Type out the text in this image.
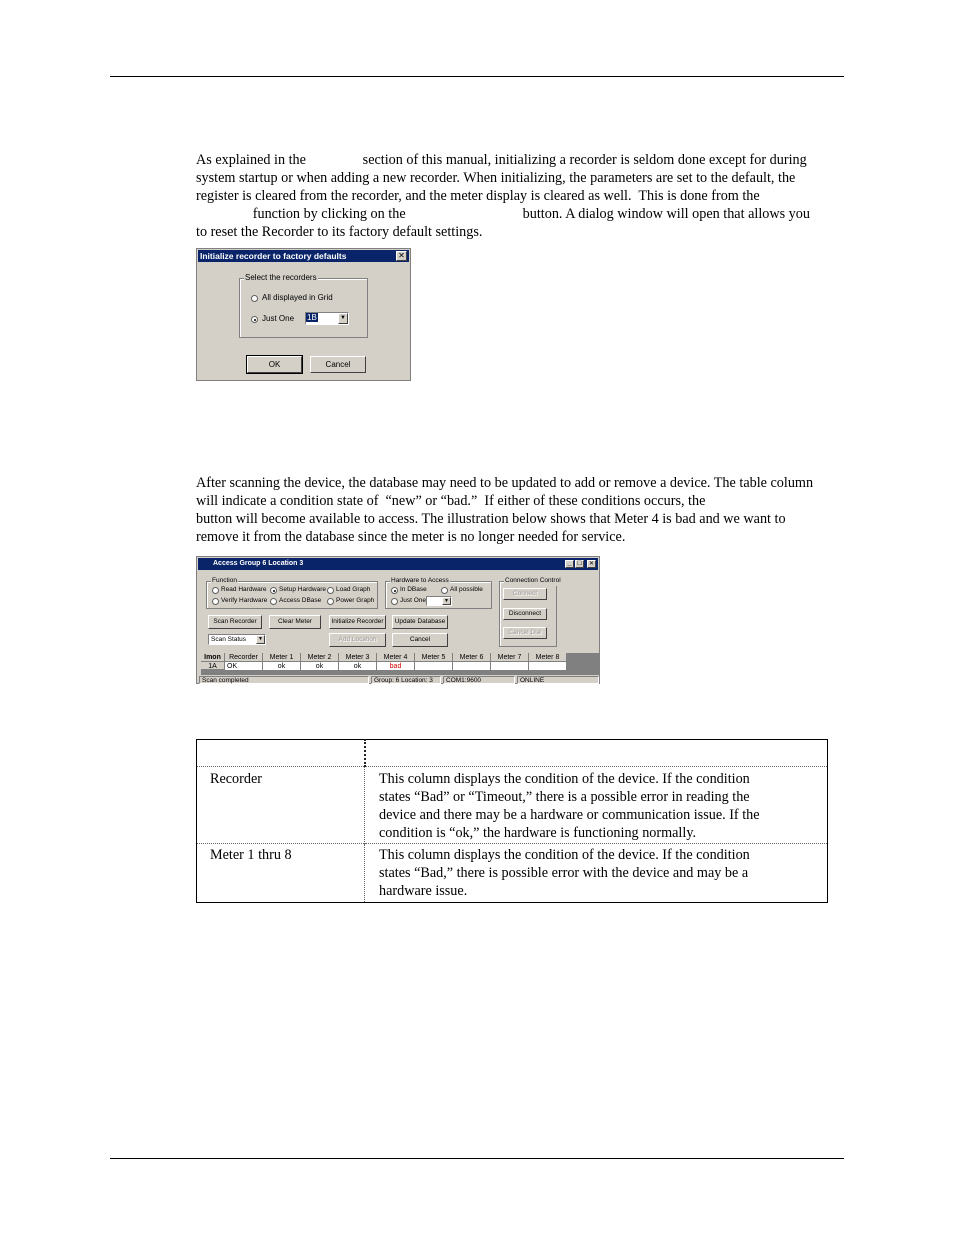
As explained in the                section of this manual, initializing a recorder is seldom done except for during
system startup or when adding a new recorder. When initializing, the parameters are set to the default, the
register is cleared from the recorder, and the meter display is cleared as well.  This is done from the
function by clicking on the                                 button. A dialog window will open that allows you
to reset the Recorder to its factory default settings.

Initialize recorder to factory defaults	✕
Select the recorders
All displayed in Grid
Just One 1B	▼
OK	Cancel

After scanning the device, the database may need to be updated to add or remove a device. The table column
will indicate a condition state of  “new” or “bad.”  If either of these conditions occurs, the
button will become available to access. The illustration below shows that Meter 4 is bad and we want to
remove it from the database since the meter is no longer needed for service.

Access Group 6 Location 3	_ □	✕
Function
Read Hardware Setup Hardware Load Graph
Verify Hardware Access DBase Power Graph
Hardware to Access
In DBase	All possible
Just One	▼
Connection Control
Connect
Disconnect
Cancel Dial
Scan Recorder	Clear Meter	Initialize Recorder	Update Database
Scan Status	▼	Add Location	Cancel
Imon	Recorder	Meter 1	Meter 2	Meter 3	Meter 4	Meter 5	Meter 6	Meter 7	Meter 8
1A	OK	ok	ok	ok	bad
Scan completed	Group: 6 Location: 3	COM1:9600	ONLINE

Recorder	This column displays the condition of the device. If the condition
states “Bad” or “Timeout,” there is a possible error in reading the
device and there may be a hardware or communication issue. If the
condition is “ok,” the hardware is functioning normally.

Meter 1 thru 8	This column displays the condition of the device. If the condition
states “Bad,” there is possible error with the device and may be a
hardware issue.
